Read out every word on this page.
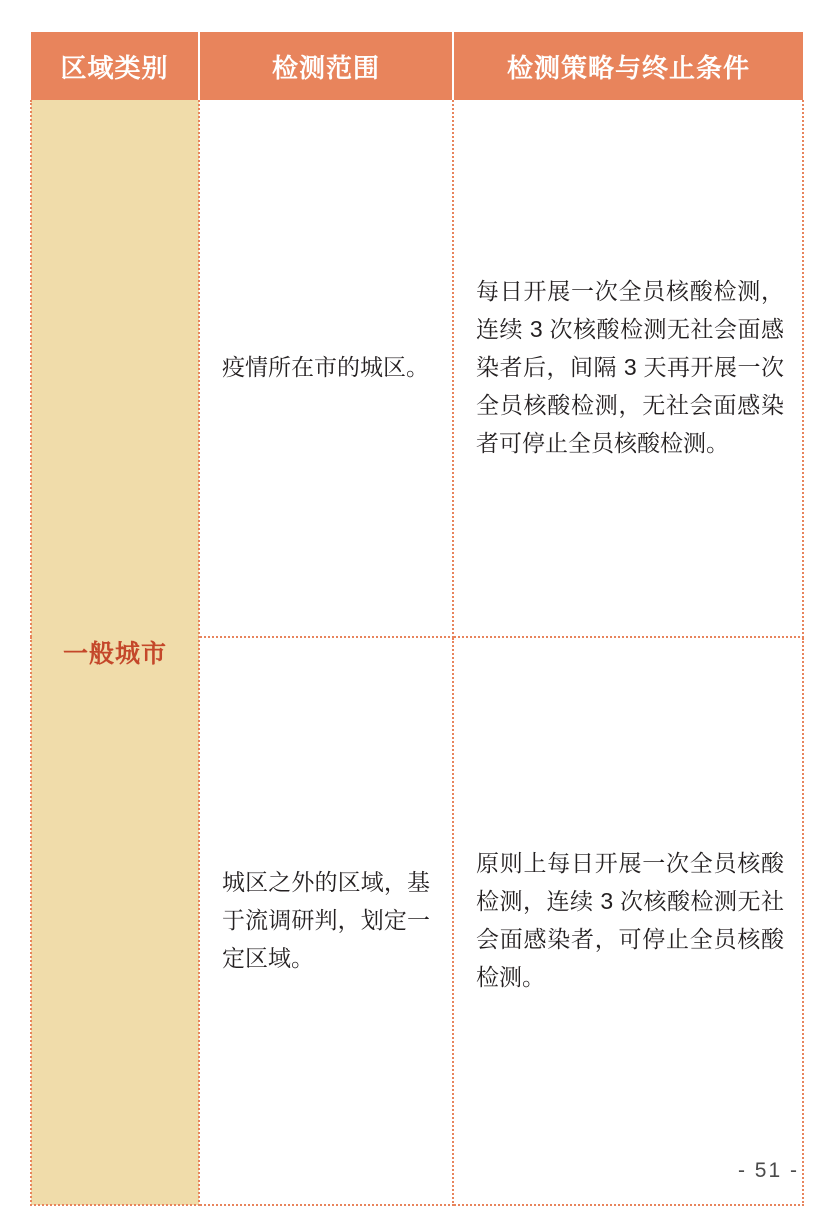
区域类别	检测范围	检测策略与终止条件
一般城市	疫情所在市的城区。	每日开展一次全员核酸检测，连续 3 次核酸检测无社会面感染者后，间隔 3 天再开展一次全员核酸检测，无社会面感染者可停止全员核酸检测。
	城区之外的区域，基于流调研判，划定一定区域。	原则上每日开展一次全员核酸检测，连续 3 次核酸检测无社会面感染者，可停止全员核酸检测。
- 51 -
